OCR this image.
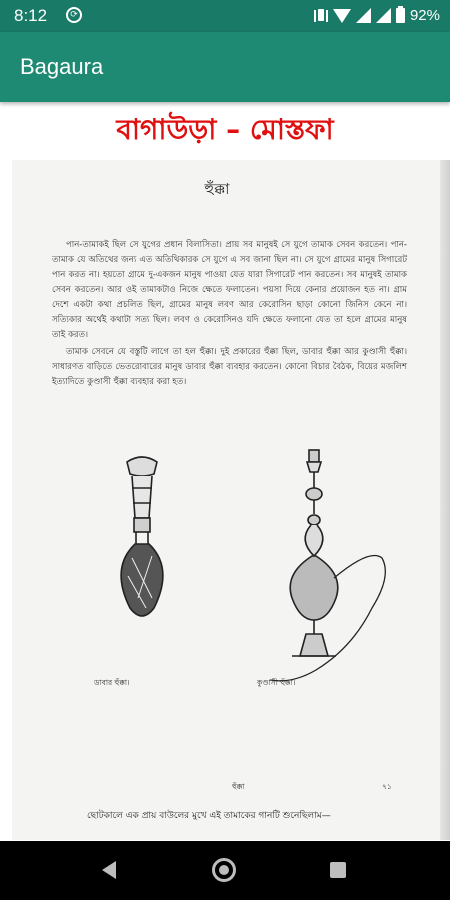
8:12	⟳	92%
Bagaura
বাগাউড়া – মোস্তফা
হুঁক্কা

পান-তামাকই ছিল সে যুগের প্রধান বিলাসিতা। প্রায় সব মানুষই সে যুগে তামাক সেবন করতেন। পান-তামাক যে অতিথের জন্য এত অতিথিকারক সে যুগে এ সব জানা ছিল না। সে যুগে গ্রামের মানুষ সিগারেট পান করত না। হয়তো গ্রামে দু-একজন মানুষ পাওয়া যেত যারা সিগারেট পান করতেন। সব মানুষই তামাক সেবন করতেন। আর ওই তামাকটাও নিজে ক্ষেতে ফলাতেন। পয়সা দিয়ে কেনার প্রয়োজন হত না। গ্রাম দেশে একটা কথা প্রচলিত ছিল, গ্রামের মানুষ লবণ আর কেরোসিন ছাড়া কোনো জিনিস কেনে না। সত্যিকার অর্থেই কথাটা সত্য ছিল। লবণ ও কেরোসিনও যদি ক্ষেতে ফলানো যেত তা হলে গ্রামের মানুষ তাই করত।

তামাক সেবনে যে বস্তুটি লাগে তা হল হুঁক্কা। দুই প্রকারের হুঁক্কা ছিল, ডাবার হুঁক্কা আর কুণ্ডাসী হুঁক্কা। সাধারণত বাড়িতে ভেতরোবারের মানুষ ডাবার হুঁক্কা ব্যবহার করতেন। কোনো বিচার বৈঠক, বিয়ের মজলিশ ইত্যাদিতে কুণ্ডাসী হুঁক্কা ব্যবহার করা হত।

ডাবার হুঁক্কা।	কুণ্ডাসী হুঁক্কা।
হুঁক্কা	৭১
ছোটকালে এক প্রায় বাউলের মুখে এই তামাকের গানটি শুনেছিলাম—
